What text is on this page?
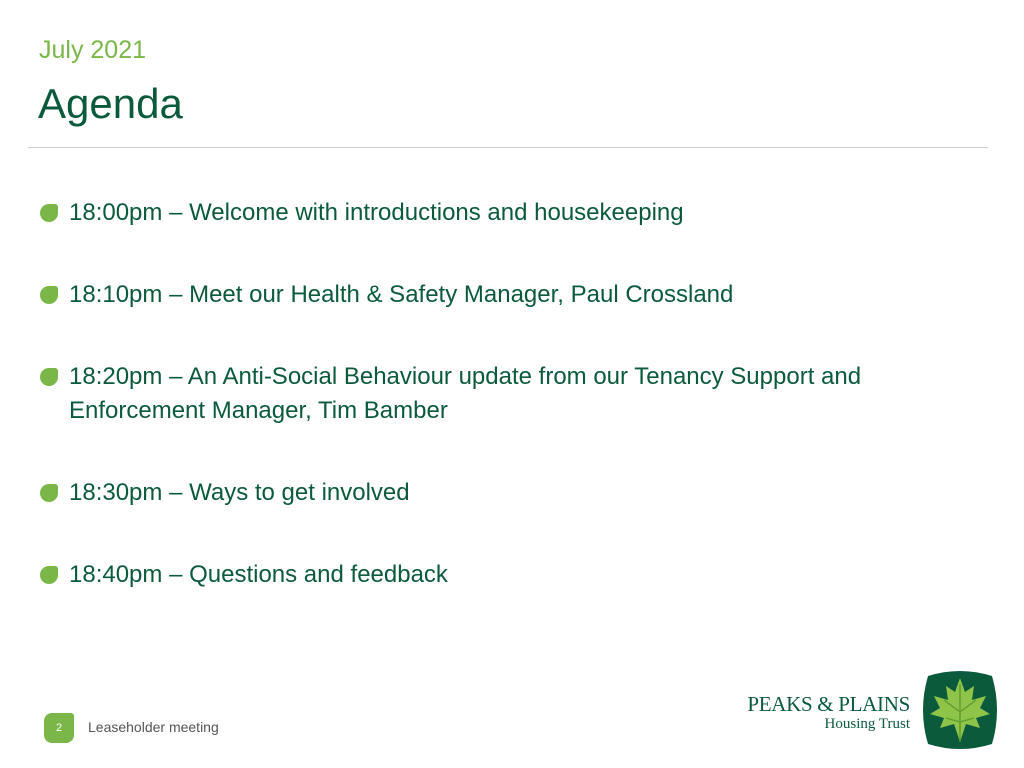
July 2021
Agenda
18:00pm – Welcome with introductions and housekeeping
18:10pm – Meet our Health & Safety Manager, Paul Crossland
18:20pm – An Anti-Social Behaviour update from our Tenancy Support and Enforcement Manager, Tim Bamber
18:30pm – Ways to get involved
18:40pm – Questions and feedback
2	Leaseholder meeting
PEAKS & PLAINS
Housing Trust
